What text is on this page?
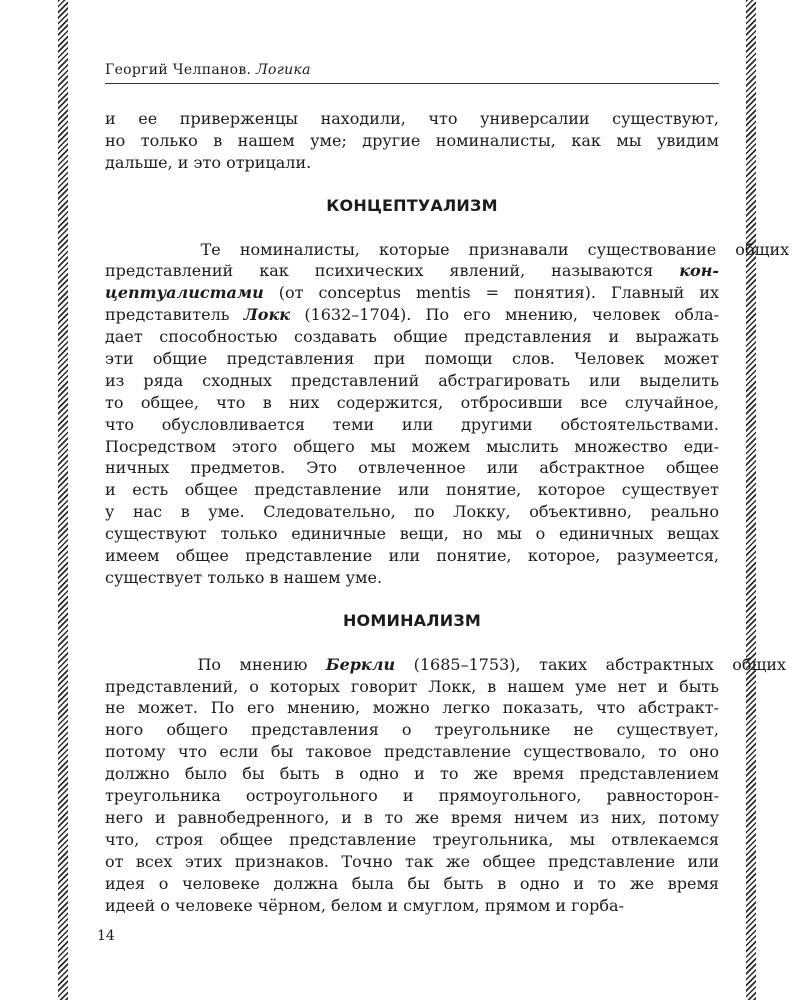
Георгий Челпанов. Логика

и ее приверженцы находили, что универсалии существуют,

но только в нашем уме; другие номиналисты, как мы увидим

дальше, и это отрицали.

КОНЦЕПТУАЛИЗМ

Те номиналисты, которые признавали существование общих

представлений как психических явлений, называются кон-

цептуалистами (от conceptus mentis = понятия). Главный их

представитель Локк (1632–1704). По его мнению, человек обла-

дает способностью создавать общие представления и выражать

эти общие представления при помощи слов. Человек может

из ряда сходных представлений абстрагировать или выделить

то общее, что в них содержится, отбросивши все случайное,

что обусловливается теми или другими обстоятельствами.

Посредством этого общего мы можем мыслить множество еди-

ничных предметов. Это отвлеченное или абстрактное общее

и есть общее представление или понятие, которое существует

у нас в уме. Следовательно, по Локку, объективно, реально

существуют только единичные вещи, но мы о единичных вещах

имеем общее представление или понятие, которое, разумеется,

существует только в нашем уме.

НОМИНАЛИЗМ

По мнению Беркли (1685–1753), таких абстрактных общих

представлений, о которых говорит Локк, в нашем уме нет и быть

не может. По его мнению, можно легко показать, что абстракт-

ного общего представления о треугольнике не существует,

потому что если бы таковое представление существовало, то оно

должно было бы быть в одно и то же время представлением

треугольника остроугольного и прямоугольного, равносторон-

него и равнобедренного, и в то же время ничем из них, потому

что, строя общее представление треугольника, мы отвлекаемся

от всех этих признаков. Точно так же общее представление или

идея о человеке должна была бы быть в одно и то же время

идеей о человеке чёрном, белом и смуглом, прямом и горба-

14
